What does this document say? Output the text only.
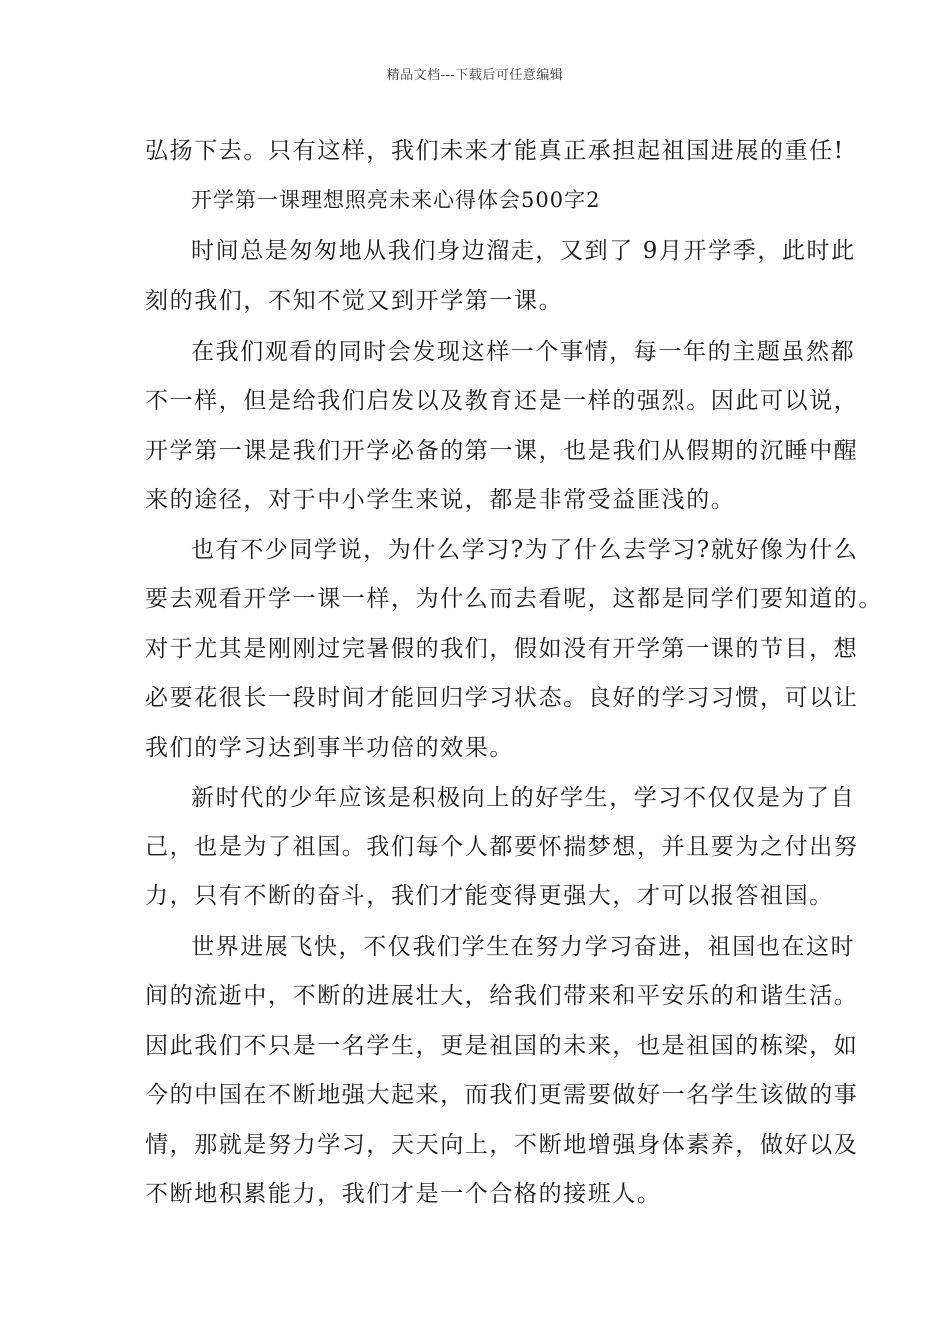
精品文档---下载后可任意编辑
弘扬下去。只有这样，我们未来才能真正承担起祖国进展的重任!
开学第一课理想照亮未来心得体会500字2
时间总是匆匆地从我们身边溜走，又到了 9月开学季，此时此
刻的我们，不知不觉又到开学第一课。
在我们观看的同时会发现这样一个事情，每一年的主题虽然都
不一样，但是给我们启发以及教育还是一样的强烈。因此可以说，
开学第一课是我们开学必备的第一课，也是我们从假期的沉睡中醒
来的途径，对于中小学生来说，都是非常受益匪浅的。
也有不少同学说，为什么学习?为了什么去学习?就好像为什么
要去观看开学一课一样，为什么而去看呢，这都是同学们要知道的。
对于尤其是刚刚过完暑假的我们，假如没有开学第一课的节目，想
必要花很长一段时间才能回归学习状态。良好的学习习惯，可以让
我们的学习达到事半功倍的效果。
新时代的少年应该是积极向上的好学生，学习不仅仅是为了自
己，也是为了祖国。我们每个人都要怀揣梦想，并且要为之付出努
力，只有不断的奋斗，我们才能变得更强大，才可以报答祖国。
世界进展飞快，不仅我们学生在努力学习奋进，祖国也在这时
间的流逝中，不断的进展壮大，给我们带来和平安乐的和谐生活。
因此我们不只是一名学生，更是祖国的未来，也是祖国的栋梁，如
今的中国在不断地强大起来，而我们更需要做好一名学生该做的事
情，那就是努力学习，天天向上，不断地增强身体素养，做好以及
不断地积累能力，我们才是一个合格的接班人。
